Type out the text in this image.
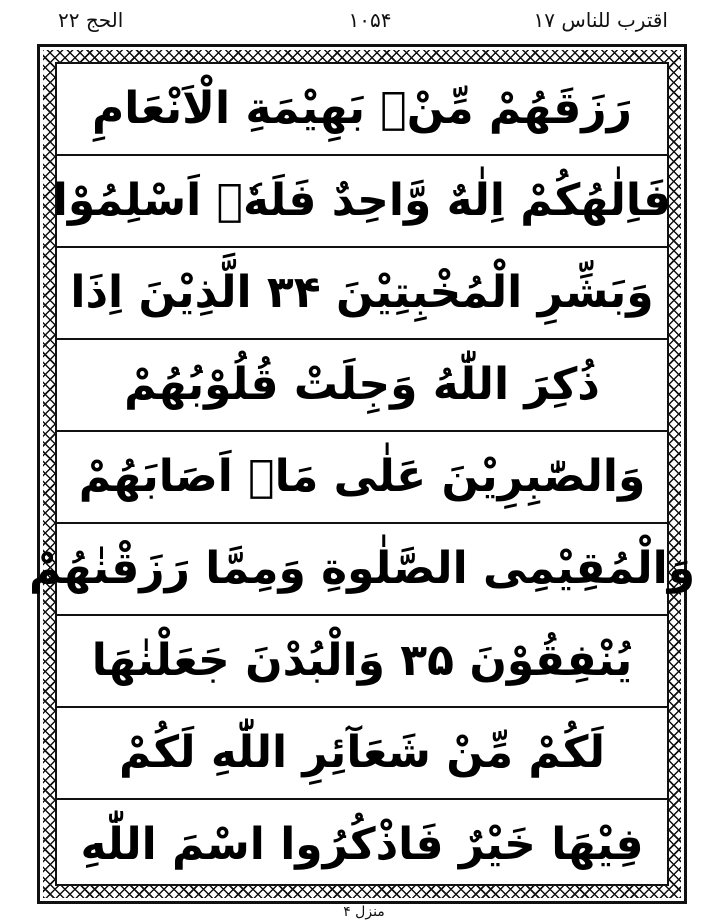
الحج ۲۲	۱۰۵۴	اقترب للناس ۱۷
رَزَقَهُمْ مِّنْۢ بَهِيْمَةِ الْاَنْعَامِ
فَاِلٰهُكُمْ اِلٰهٌ وَّاحِدٌ فَلَهٗۤ اَسْلِمُوْا
وَبَشِّرِ الْمُخْبِتِيْنَ ۳۴ الَّذِيْنَ اِذَا
ذُكِرَ اللّٰهُ وَجِلَتْ قُلُوْبُهُمْ
وَالصّٰبِرِيْنَ عَلٰى مَاۤ اَصَابَهُمْ
وَالْمُقِيْمِى الصَّلٰوةِ وَمِمَّا رَزَقْنٰهُمْ
يُنْفِقُوْنَ ۳۵ وَالْبُدْنَ جَعَلْنٰهَا
لَكُمْ مِّنْ شَعَآئِرِ اللّٰهِ لَكُمْ
فِيْهَا خَيْرٌ فَاذْكُرُوا اسْمَ اللّٰهِ
منزل ۴
